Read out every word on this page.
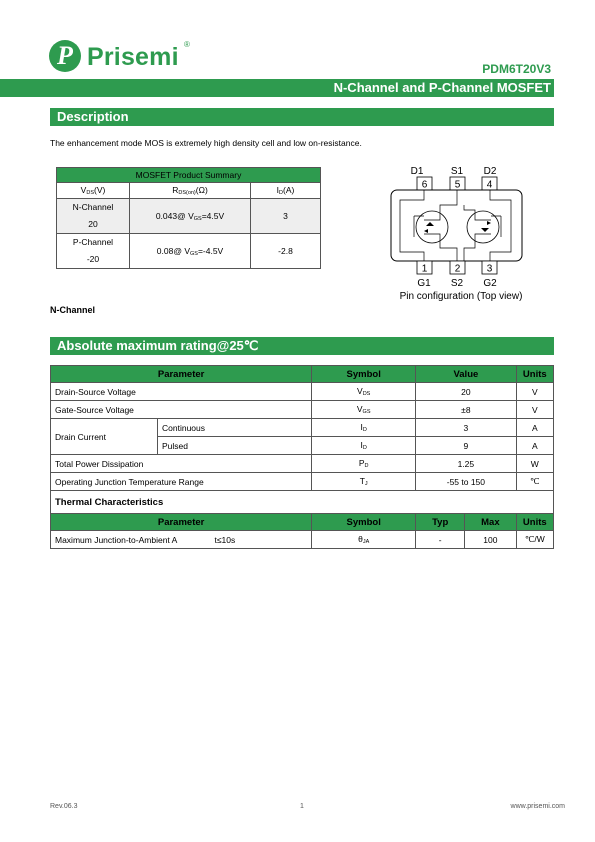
P Prisemi ®
PDM6T20V3
N-Channel and P-Channel MOSFET
Description
The enhancement mode MOS is extremely high density cell and low on-resistance.
MOSFET Product Summary		
$V_{DS}(V)$	$R_{DS(on)}(\Omega)$	$I_D(A)$
N-Channel
20	0.043@ $V_{GS}=4.5V$	3
P-Channel
-20	0.08@ $V_{GS}=-4.5V$	-2.8
D1	S1 D2
6	5	4
1	2	3
G1 S2 G2
Pin configuration (Top view)
N-Channel
Absolute maximum rating@25℃
Parameter		Symbol	Value		Units
Drain-Source Voltage		$V_{DS}$	20		V
Gate-Source Voltage		$V_{GS}$	±8		V
Drain Current	Continuous	$I_D$	3		A
	Pulsed	$I_D$	9		A
Total Power Dissipation		$P_D$	1.25		W
Operating Junction Temperature Range		$T_J$	-55 to 150		℃
Thermal Characteristics					
Parameter		Symbol	Typ	Max	Units
Maximum Junction-to-Ambient A t≤10s		$\theta_{JA}$	-	100	℃/W
Rev.06.3	1	www.prisemi.com
